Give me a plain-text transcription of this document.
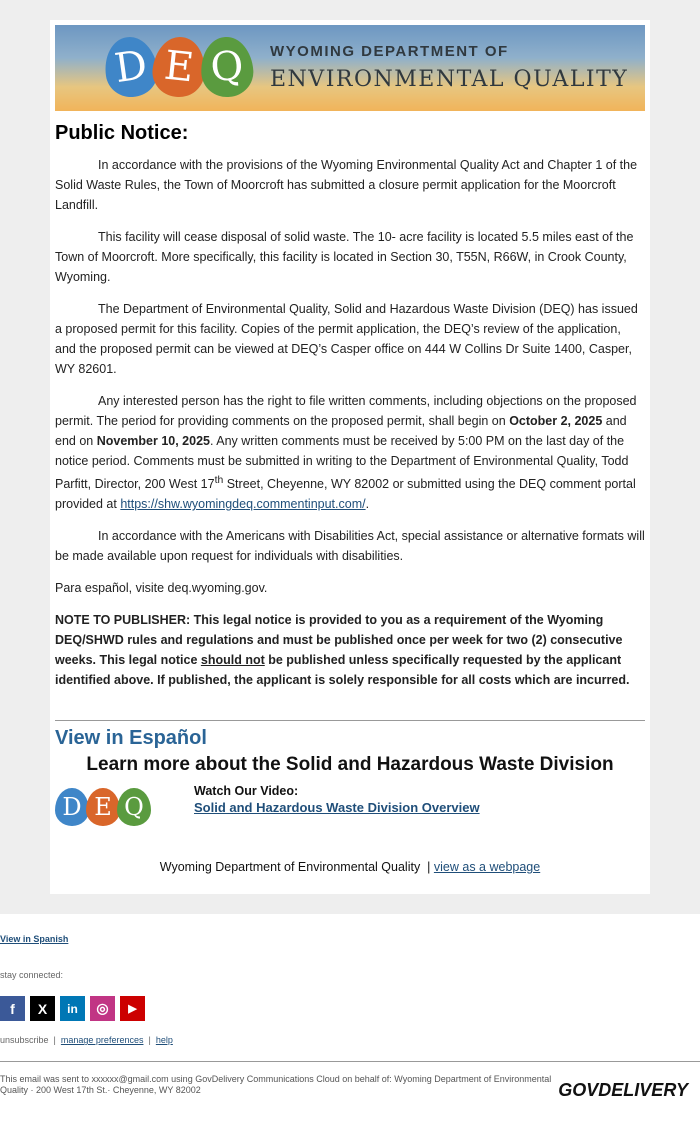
D E Q	WYOMING DEPARTMENT OF
ENVIRONMENTAL QUALITY
Public Notice:

In accordance with the provisions of the Wyoming Environmental Quality Act and Chapter 1 of the Solid Waste Rules, the Town of Moorcroft has submitted a closure permit application for the Moorcroft Landfill.

This facility will cease disposal of solid waste. The 10- acre facility is located 5.5 miles east of the Town of Moorcroft. More specifically, this facility is located in Section 30, T55N, R66W, in Crook County, Wyoming.

The Department of Environmental Quality, Solid and Hazardous Waste Division (DEQ) has issued a proposed permit for this facility. Copies of the permit application, the DEQ’s review of the application, and the proposed permit can be viewed at DEQ’s Casper office on 444 W Collins Dr Suite 1400, Casper, WY 82601.

Any interested person has the right to file written comments, including objections on the proposed permit. The period for providing comments on the proposed permit, shall begin on October 2, 2025 and end on November 10, 2025. Any written comments must be received by 5:00 PM on the last day of the notice period. Comments must be submitted in writing to the Department of Environmental Quality, Todd Parfitt, Director, 200 West 17th Street, Cheyenne, WY 82002 or submitted using the DEQ comment portal provided at https://shw.wyomingdeq.commentinput.com/.

In accordance with the Americans with Disabilities Act, special assistance or alternative formats will be made available upon request for individuals with disabilities.

Para español, visite deq.wyoming.gov.

NOTE TO PUBLISHER: This legal notice is provided to you as a requirement of the Wyoming DEQ/SHWD rules and regulations and must be published once per week for two (2) consecutive weeks. This legal notice should not be published unless specifically requested by the applicant identified above. If published, the applicant is solely responsible for all costs which are incurred.

View in Español
Learn more about the Solid and Hazardous Waste Division
D E Q
Watch Our Video:
Solid and Hazardous Waste Division Overview
Wyoming Department of Environmental Quality | view as a webpage
View in Spanish
stay connected:
f	X	in	◎	▶
unsubscribe | manage preferences | help
This email was sent to xxxxxx@gmail.com using GovDelivery Communications Cloud on behalf of: Wyoming Department of Environmental Quality · 200 West 17th St.· Cheyenne, WY 82002	GOVDELIVERY
